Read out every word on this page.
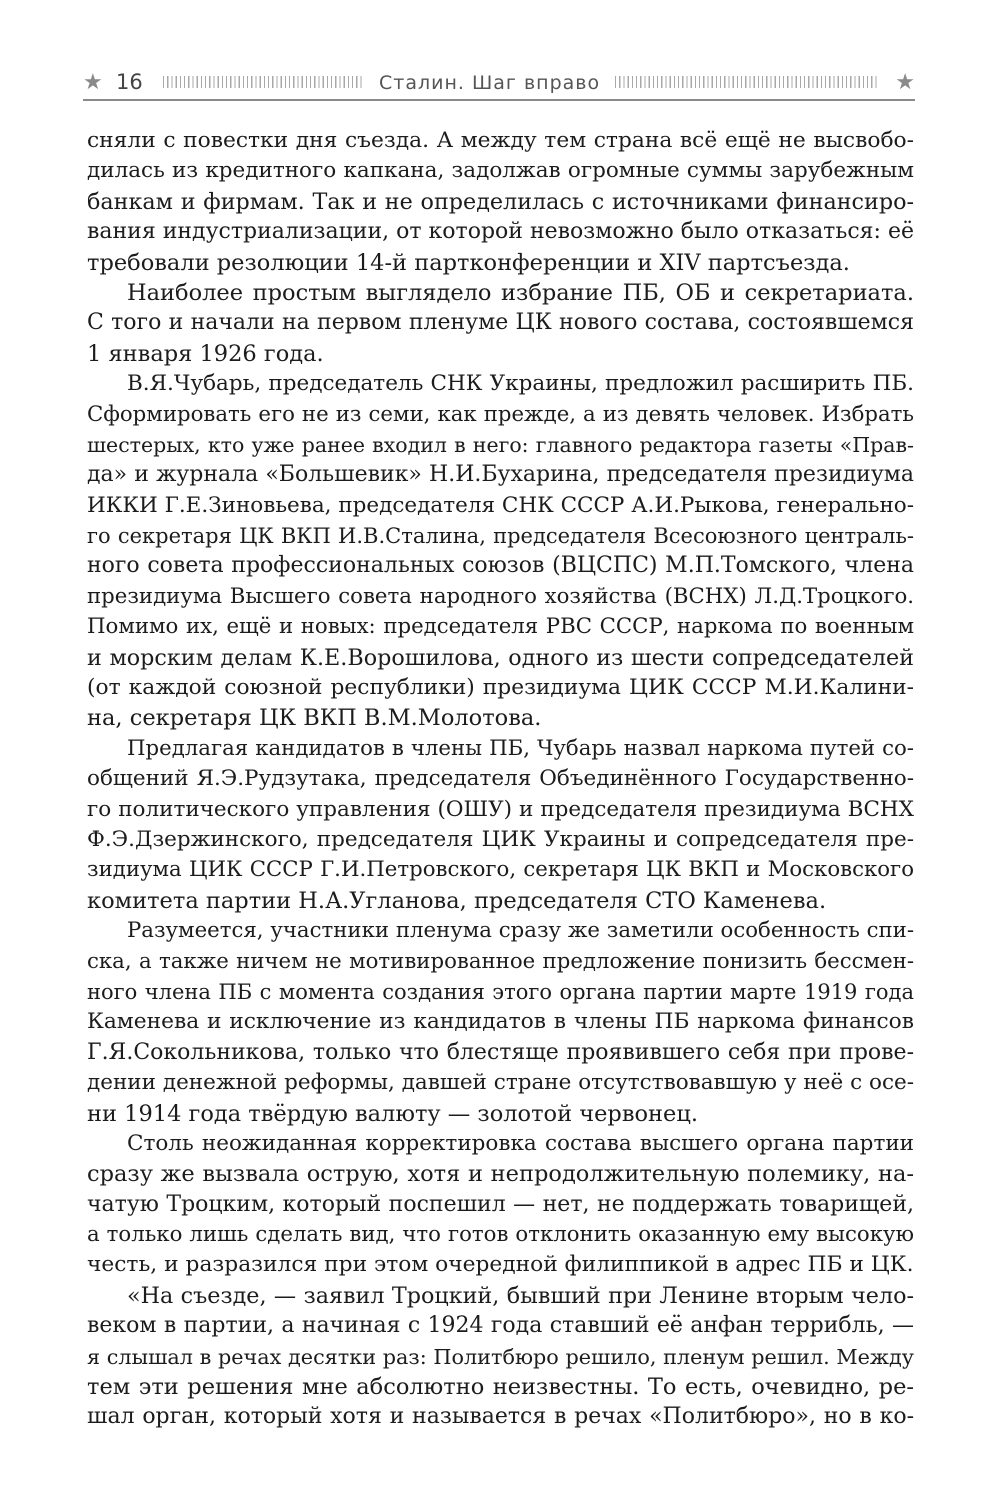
★ 16	Сталин. Шаг вправо	★
сняли с повестки дня съезда. А между тем страна всё ещё не высвобо-
дилась из кредитного капкана, задолжав огромные суммы зарубежным
банкам и фирмам. Так и не определилась с источниками финансиро-
вания индустриализации, от которой невозможно было отказаться: её
требовали резолюции 14-й партконференции и XIV партсъезда.
Наиболее простым выглядело избрание ПБ, ОБ и секретариата.
С того и начали на первом пленуме ЦК нового состава, состоявшемся
1 января 1926 года.
В.Я.Чубарь, председатель СНК Украины, предложил расширить ПБ.
Сформировать его не из семи, как прежде, а из девять человек. Избрать
шестерых, кто уже ранее входил в него: главного редактора газеты «Прав-
да» и журнала «Большевик» Н.И.Бухарина, председателя президиума
ИККИ Г.Е.Зиновьева, председателя СНК СССР А.И.Рыкова, генерально-
го секретаря ЦК ВКП И.В.Сталина, председателя Всесоюзного централь-
ного совета профессиональных союзов (ВЦСПС) М.П.Томского, члена
президиума Высшего совета народного хозяйства (ВСНХ) Л.Д.Троцкого.
Помимо их, ещё и новых: председателя РВС СССР, наркома по военным
и морским делам К.Е.Ворошилова, одного из шести сопредседателей
(от каждой союзной республики) президиума ЦИК СССР М.И.Калини-
на, секретаря ЦК ВКП В.М.Молотова.
Предлагая кандидатов в члены ПБ, Чубарь назвал наркома путей со-
общений Я.Э.Рудзутака, председателя Объединённого Государственно-
го политического управления (ОШУ) и председателя президиума ВСНХ
Ф.Э.Дзержинского, председателя ЦИК Украины и сопредседателя пре-
зидиума ЦИК СССР Г.И.Петровского, секретаря ЦК ВКП и Московского
комитета партии Н.А.Угланова, председателя СТО Каменева.
Разумеется, участники пленума сразу же заметили особенность спи-
ска, а также ничем не мотивированное предложение понизить бессмен-
ного члена ПБ с момента создания этого органа партии марте 1919 года
Каменева и исключение из кандидатов в члены ПБ наркома финансов
Г.Я.Сокольникова, только что блестяще проявившего себя при прове-
дении денежной реформы, давшей стране отсутствовавшую у неё с осе-
ни 1914 года твёрдую валюту — золотой червонец.
Столь неожиданная корректировка состава высшего органа партии
сразу же вызвала острую, хотя и непродолжительную полемику, на-
чатую Троцким, который поспешил — нет, не поддержать товарищей,
а только лишь сделать вид, что готов отклонить оказанную ему высокую
честь, и разразился при этом очередной филиппикой в адрес ПБ и ЦК.
«На съезде, — заявил Троцкий, бывший при Ленине вторым чело-
веком в партии, а начиная с 1924 года ставший её анфан террибль, —
я слышал в речах десятки раз: Политбюро решило, пленум решил. Между
тем эти решения мне абсолютно неизвестны. То есть, очевидно, ре-
шал орган, который хотя и называется в речах «Политбюро», но в ко-
